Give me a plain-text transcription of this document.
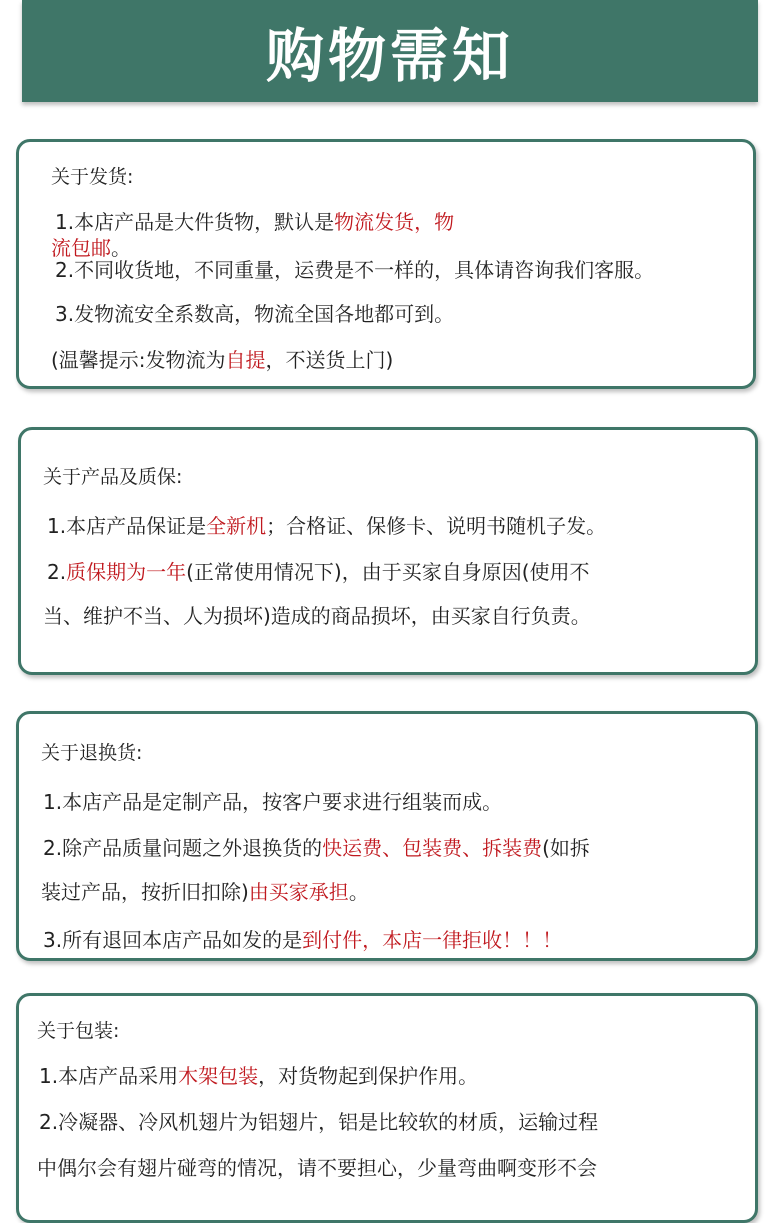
购物需知
关于发货:
1.本店产品是大件货物，默认是物流发货，物
流包邮。
2.不同收货地，不同重量，运费是不一样的，具体请咨询我们客服。
3.发物流安全系数高，物流全国各地都可到。
(温馨提示:发物流为自提，不送货上门)
关于产品及质保:
1.本店产品保证是全新机；合格证、保修卡、说明书随机子发。
2.质保期为一年(正常使用情况下)，由于买家自身原因(使用不
当、维护不当、人为损坏)造成的商品损坏，由买家自行负责。
关于退换货:
1.本店产品是定制产品，按客户要求进行组装而成。
2.除产品质量问题之外退换货的快运费、包装费、拆装费(如拆
装过产品，按折旧扣除)由买家承担。
3.所有退回本店产品如发的是到付件，本店一律拒收！！！
关于包装:
1.本店产品采用木架包装，对货物起到保护作用。
2.冷凝器、冷风机翅片为铝翅片，铝是比较软的材质，运输过程
中偶尔会有翅片碰弯的情况，请不要担心，少量弯曲啊变形不会
